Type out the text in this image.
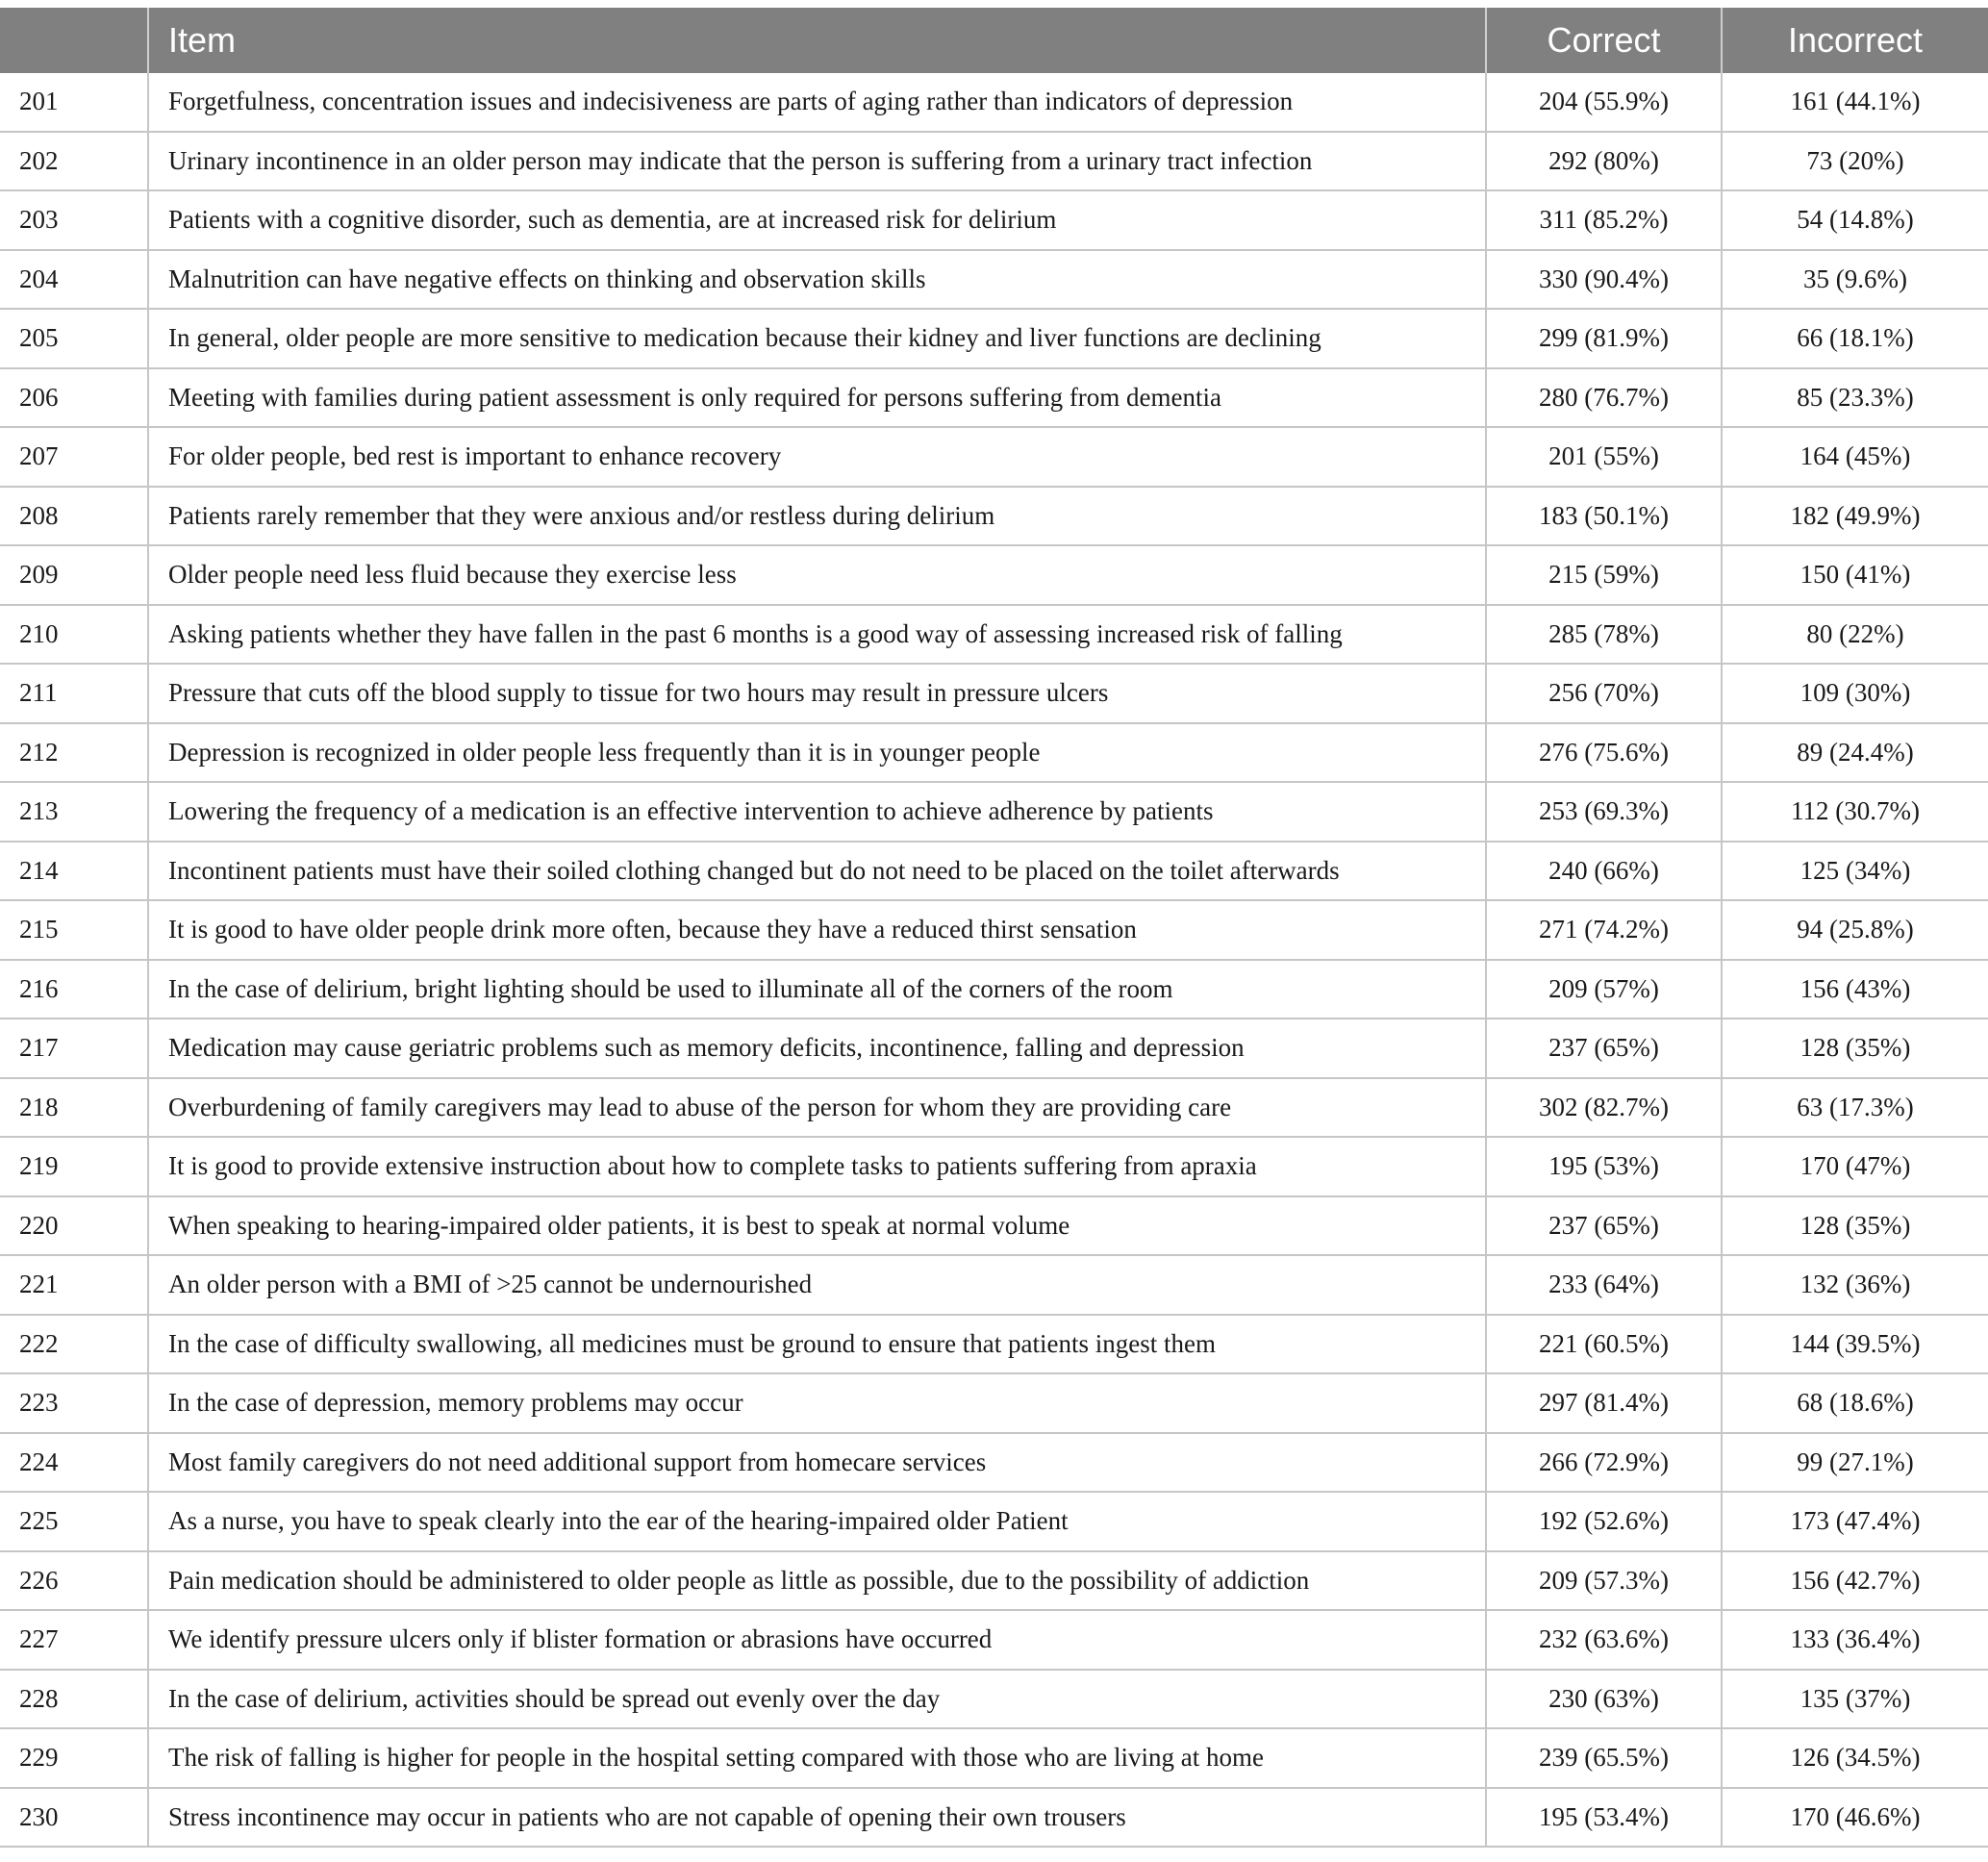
	Item	Correct	Incorrect
201	Forgetfulness, concentration issues and indecisiveness are parts of aging rather than indicators of depression	204 (55.9%)	161 (44.1%)
202	Urinary incontinence in an older person may indicate that the person is suffering from a urinary tract infection	292 (80%)	73 (20%)
203	Patients with a cognitive disorder, such as dementia, are at increased risk for delirium	311 (85.2%)	54 (14.8%)
204	Malnutrition can have negative effects on thinking and observation skills	330 (90.4%)	35 (9.6%)
205	In general, older people are more sensitive to medication because their kidney and liver functions are declining	299 (81.9%)	66 (18.1%)
206	Meeting with families during patient assessment is only required for persons suffering from dementia	280 (76.7%)	85 (23.3%)
207	For older people, bed rest is important to enhance recovery	201 (55%)	164 (45%)
208	Patients rarely remember that they were anxious and/or restless during delirium	183 (50.1%)	182 (49.9%)
209	Older people need less fluid because they exercise less	215 (59%)	150 (41%)
210	Asking patients whether they have fallen in the past 6 months is a good way of assessing increased risk of falling	285 (78%)	80 (22%)
211	Pressure that cuts off the blood supply to tissue for two hours may result in pressure ulcers	256 (70%)	109 (30%)
212	Depression is recognized in older people less frequently than it is in younger people	276 (75.6%)	89 (24.4%)
213	Lowering the frequency of a medication is an effective intervention to achieve adherence by patients	253 (69.3%)	112 (30.7%)
214	Incontinent patients must have their soiled clothing changed but do not need to be placed on the toilet afterwards	240 (66%)	125 (34%)
215	It is good to have older people drink more often, because they have a reduced thirst sensation	271 (74.2%)	94 (25.8%)
216	In the case of delirium, bright lighting should be used to illuminate all of the corners of the room	209 (57%)	156 (43%)
217	Medication may cause geriatric problems such as memory deficits, incontinence, falling and depression	237 (65%)	128 (35%)
218	Overburdening of family caregivers may lead to abuse of the person for whom they are providing care	302 (82.7%)	63 (17.3%)
219	It is good to provide extensive instruction about how to complete tasks to patients suffering from apraxia	195 (53%)	170 (47%)
220	When speaking to hearing-impaired older patients, it is best to speak at normal volume	237 (65%)	128 (35%)
221	An older person with a BMI of >25 cannot be undernourished	233 (64%)	132 (36%)
222	In the case of difficulty swallowing, all medicines must be ground to ensure that patients ingest them	221 (60.5%)	144 (39.5%)
223	In the case of depression, memory problems may occur	297 (81.4%)	68 (18.6%)
224	Most family caregivers do not need additional support from homecare services	266 (72.9%)	99 (27.1%)
225	As a nurse, you have to speak clearly into the ear of the hearing-impaired older Patient	192 (52.6%)	173 (47.4%)
226	Pain medication should be administered to older people as little as possible, due to the possibility of addiction	209 (57.3%)	156 (42.7%)
227	We identify pressure ulcers only if blister formation or abrasions have occurred	232 (63.6%)	133 (36.4%)
228	In the case of delirium, activities should be spread out evenly over the day	230 (63%)	135 (37%)
229	The risk of falling is higher for people in the hospital setting compared with those who are living at home	239 (65.5%)	126 (34.5%)
230	Stress incontinence may occur in patients who are not capable of opening their own trousers	195 (53.4%)	170 (46.6%)
